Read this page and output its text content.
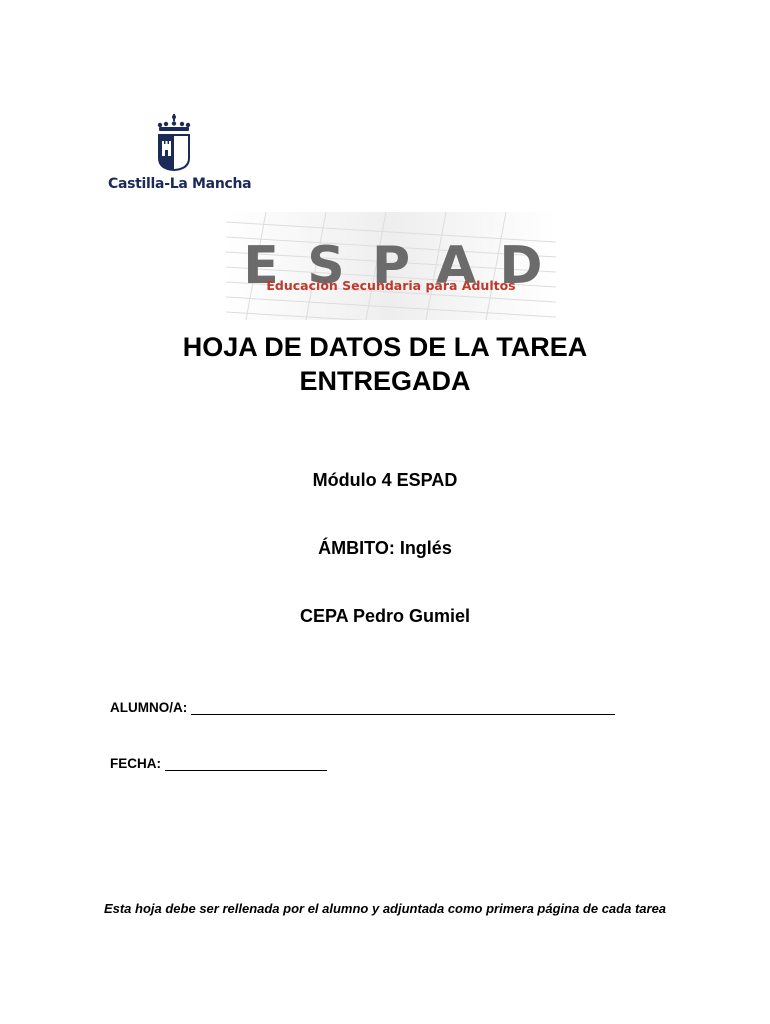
Castilla-La Mancha
E S P A D
Educación Secundaria para Adultos
HOJA DE DATOS DE LA TAREA
ENTREGADA
Módulo 4 ESPAD
ÁMBITO: Inglés
CEPA Pedro Gumiel
ALUMNO/A:
FECHA:
Esta hoja debe ser rellenada por el alumno y adjuntada como primera página de cada tarea
